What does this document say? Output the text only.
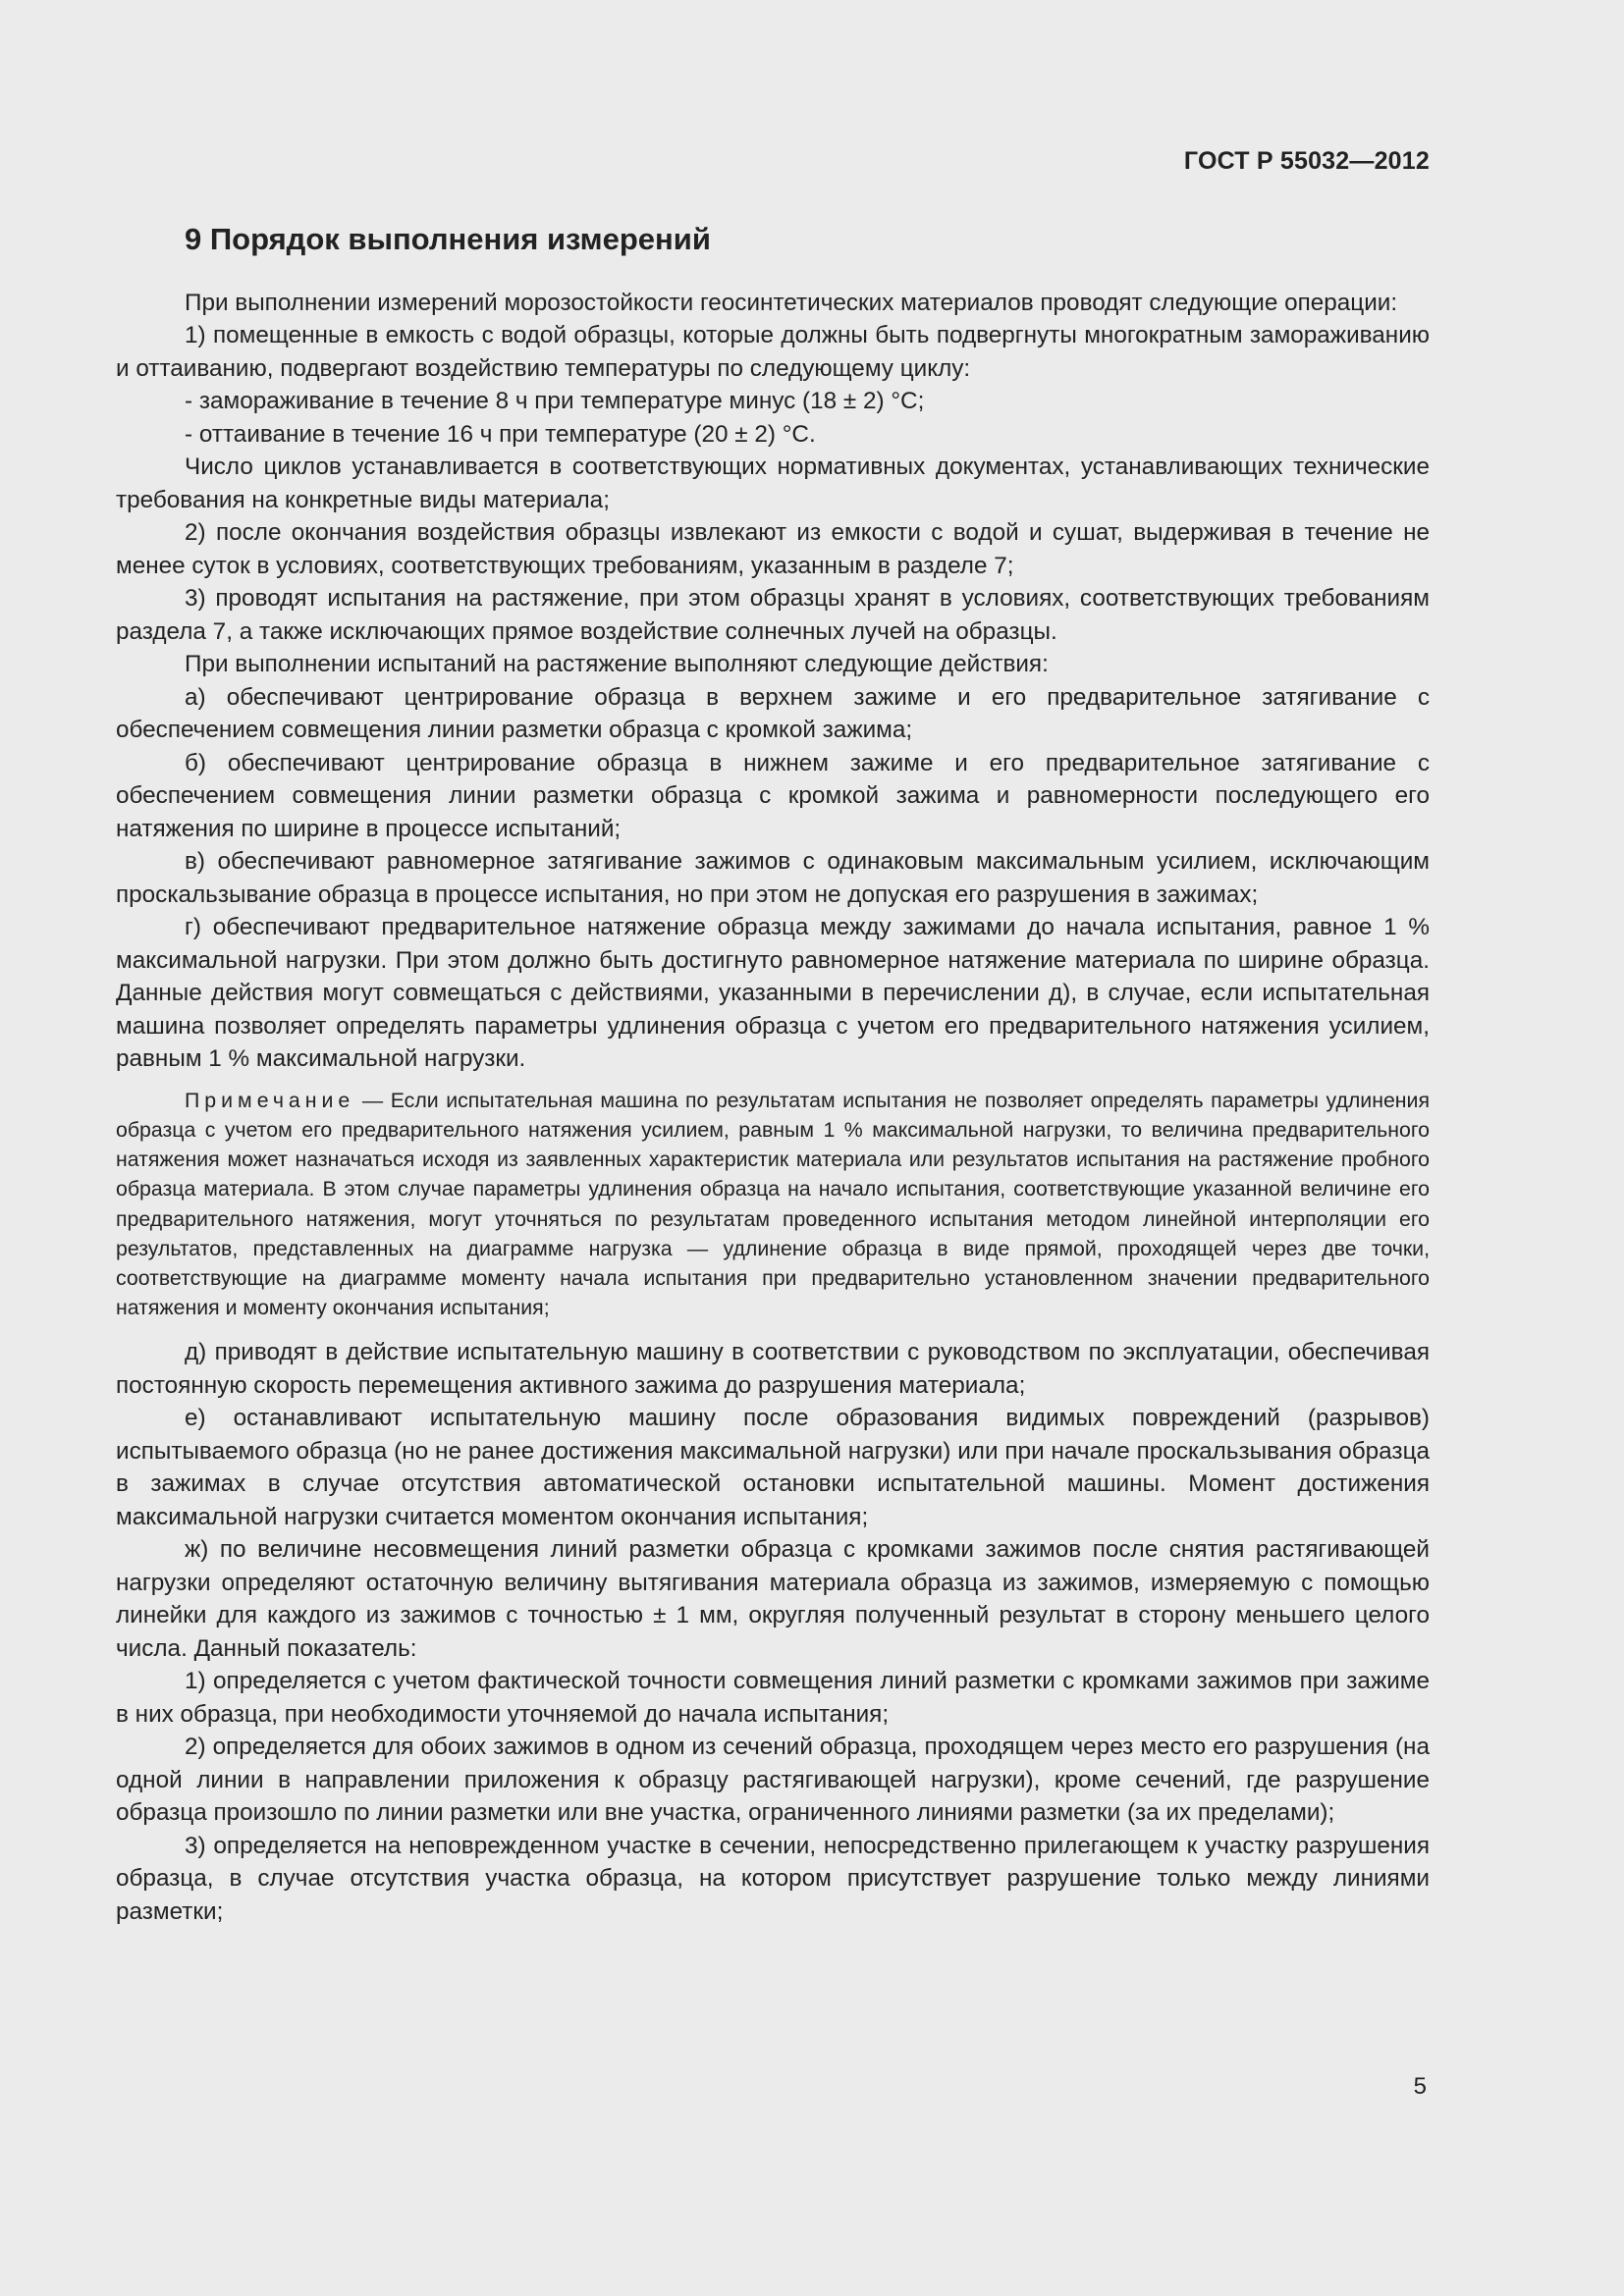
ГОСТ Р 55032—2012
9 Порядок выполнения измерений

При выполнении измерений морозостойкости геосинтетических материалов проводят следующие операции:

1) помещенные в емкость с водой образцы, которые должны быть подвергнуты многократным замораживанию и оттаиванию, подвергают воздействию температуры по следующему циклу:

- замораживание в течение 8 ч при температуре минус (18 ± 2) °С;

- оттаивание в течение 16 ч при температуре (20 ± 2) °С.

Число циклов устанавливается в соответствующих нормативных документах, устанавливающих технические требования на конкретные виды материала;

2) после окончания воздействия образцы извлекают из емкости с водой и сушат, выдерживая в течение не менее суток в условиях, соответствующих требованиям, указанным в разделе 7;

3) проводят испытания на растяжение, при этом образцы хранят в условиях, соответствующих требованиям раздела 7, а также исключающих прямое воздействие солнечных лучей на образцы.

При выполнении испытаний на растяжение выполняют следующие действия:

а) обеспечивают центрирование образца в верхнем зажиме и его предварительное затягивание с обеспечением совмещения линии разметки образца с кромкой зажима;

б) обеспечивают центрирование образца в нижнем зажиме и его предварительное затягивание с обеспечением совмещения линии разметки образца с кромкой зажима и равномерности последующего его натяжения по ширине в процессе испытаний;

в) обеспечивают равномерное затягивание зажимов с одинаковым максимальным усилием, исключающим проскальзывание образца в процессе испытания, но при этом не допуская его разрушения в зажимах;

г) обеспечивают предварительное натяжение образца между зажимами до начала испытания, равное 1 % максимальной нагрузки. При этом должно быть достигнуто равномерное натяжение материала по ширине образца. Данные действия могут совмещаться с действиями, указанными в перечислении д), в случае, если испытательная машина позволяет определять параметры удлинения образца с учетом его предварительного натяжения усилием, равным 1 % максимальной нагрузки.

Примечание — Если испытательная машина по результатам испытания не позволяет определять параметры удлинения образца с учетом его предварительного натяжения усилием, равным 1 % максимальной нагрузки, то величина предварительного натяжения может назначаться исходя из заявленных характеристик материала или результатов испытания на растяжение пробного образца материала. В этом случае параметры удлинения образца на начало испытания, соответствующие указанной величине его предварительного натяжения, могут уточняться по результатам проведенного испытания методом линейной интерполяции его результатов, представленных на диаграмме нагрузка — удлинение образца в виде прямой, проходящей через две точки, соответствующие на диаграмме моменту начала испытания при предварительно установленном значении предварительного натяжения и моменту окончания испытания;

д) приводят в действие испытательную машину в соответствии с руководством по эксплуатации, обеспечивая постоянную скорость перемещения активного зажима до разрушения материала;

е) останавливают испытательную машину после образования видимых повреждений (разрывов) испытываемого образца (но не ранее достижения максимальной нагрузки) или при начале проскальзывания образца в зажимах в случае отсутствия автоматической остановки испытательной машины. Момент достижения максимальной нагрузки считается моментом окончания испытания;

ж) по величине несовмещения линий разметки образца с кромками зажимов после снятия растягивающей нагрузки определяют остаточную величину вытягивания материала образца из зажимов, измеряемую с помощью линейки для каждого из зажимов с точностью ± 1 мм, округляя полученный результат в сторону меньшего целого числа. Данный показатель:

1) определяется с учетом фактической точности совмещения линий разметки с кромками зажимов при зажиме в них образца, при необходимости уточняемой до начала испытания;

2) определяется для обоих зажимов в одном из сечений образца, проходящем через место его разрушения (на одной линии в направлении приложения к образцу растягивающей нагрузки), кроме сечений, где разрушение образца произошло по линии разметки или вне участка, ограниченного линиями разметки (за их пределами);

3) определяется на неповрежденном участке в сечении, непосредственно прилегающем к участку разрушения образца, в случае отсутствия участка образца, на котором присутствует разрушение только между линиями разметки;

5
